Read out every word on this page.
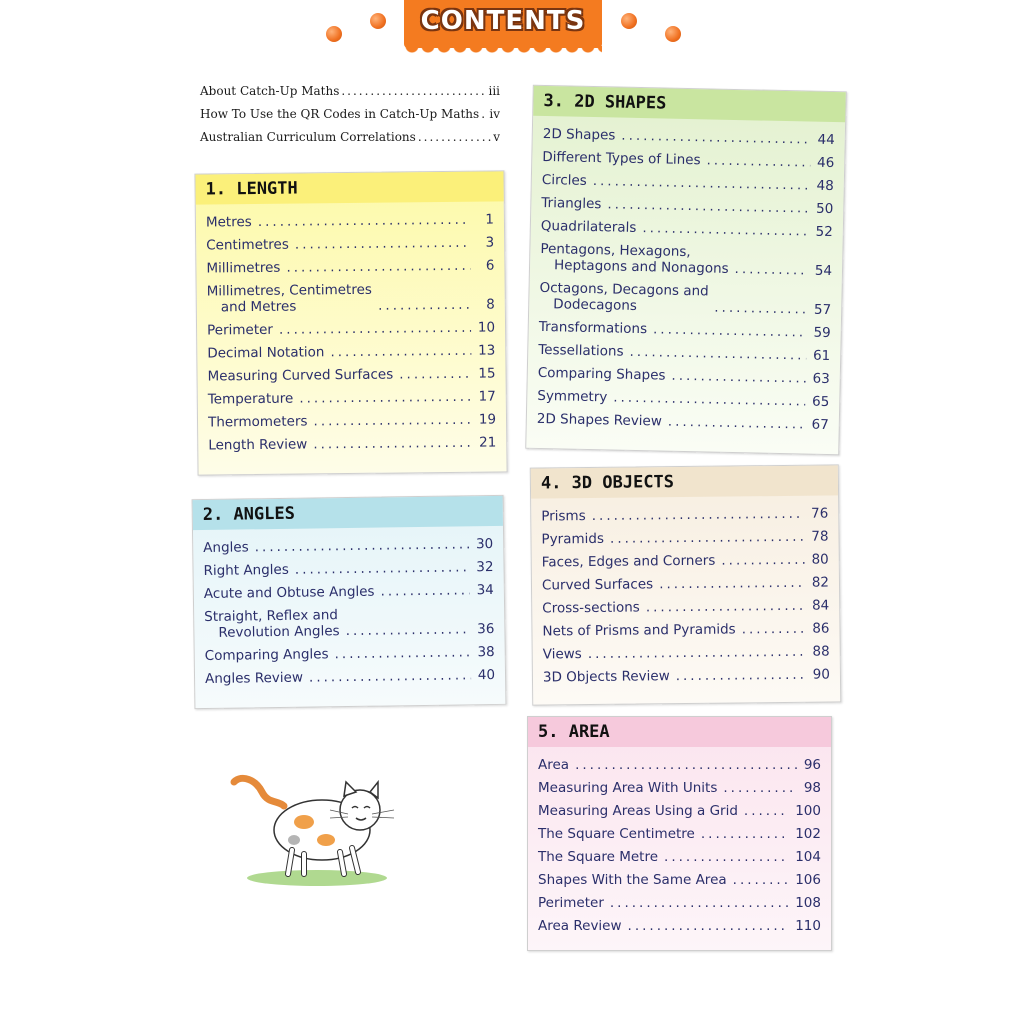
CONTENTS
About Catch-Up Maths .....	iii
How To Use the QR Codes in Catch-Up Maths ..... iv
Australian Curriculum Correlations .....	v
1. LENGTH
Metres .....	1
Centimetres .....	3
Millimetres .....	6
Millimetres, Centimetres
and Metres .....	8
Perimeter .....	10
Decimal Notation .....	13
Measuring Curved Surfaces .....	15
Temperature .....	17
Thermometers .....	19
Length Review .....	21
2. ANGLES
Angles .....	30
Right Angles .....	32
Acute and Obtuse Angles .....	34
Straight, Reflex and
Revolution Angles .....	36
Comparing Angles .....	38
Angles Review .....	40
3. 2D SHAPES
2D Shapes .....	44
Different Types of Lines .....	46
Circles .....	48
Triangles .....	50
Quadrilaterals .....	52
Pentagons, Hexagons,
Heptagons and Nonagons .....	54
Octagons, Decagons and
Dodecagons .....	57
Transformations .....	59
Tessellations .....	61
Comparing Shapes .....	63
Symmetry .....	65
2D Shapes Review .....	67
4. 3D OBJECTS
Prisms .....	76
Pyramids .....	78
Faces, Edges and Corners .....	80
Curved Surfaces .....	82
Cross-sections .....	84
Nets of Prisms and Pyramids .....	86
Views .....	88
3D Objects Review .....	90
5. AREA
Area .....	96
Measuring Area With Units .....	98
Measuring Areas Using a Grid .....	100
The Square Centimetre .....	102
The Square Metre .....	104
Shapes With the Same Area .....	106
Perimeter .....	108
Area Review .....	110
